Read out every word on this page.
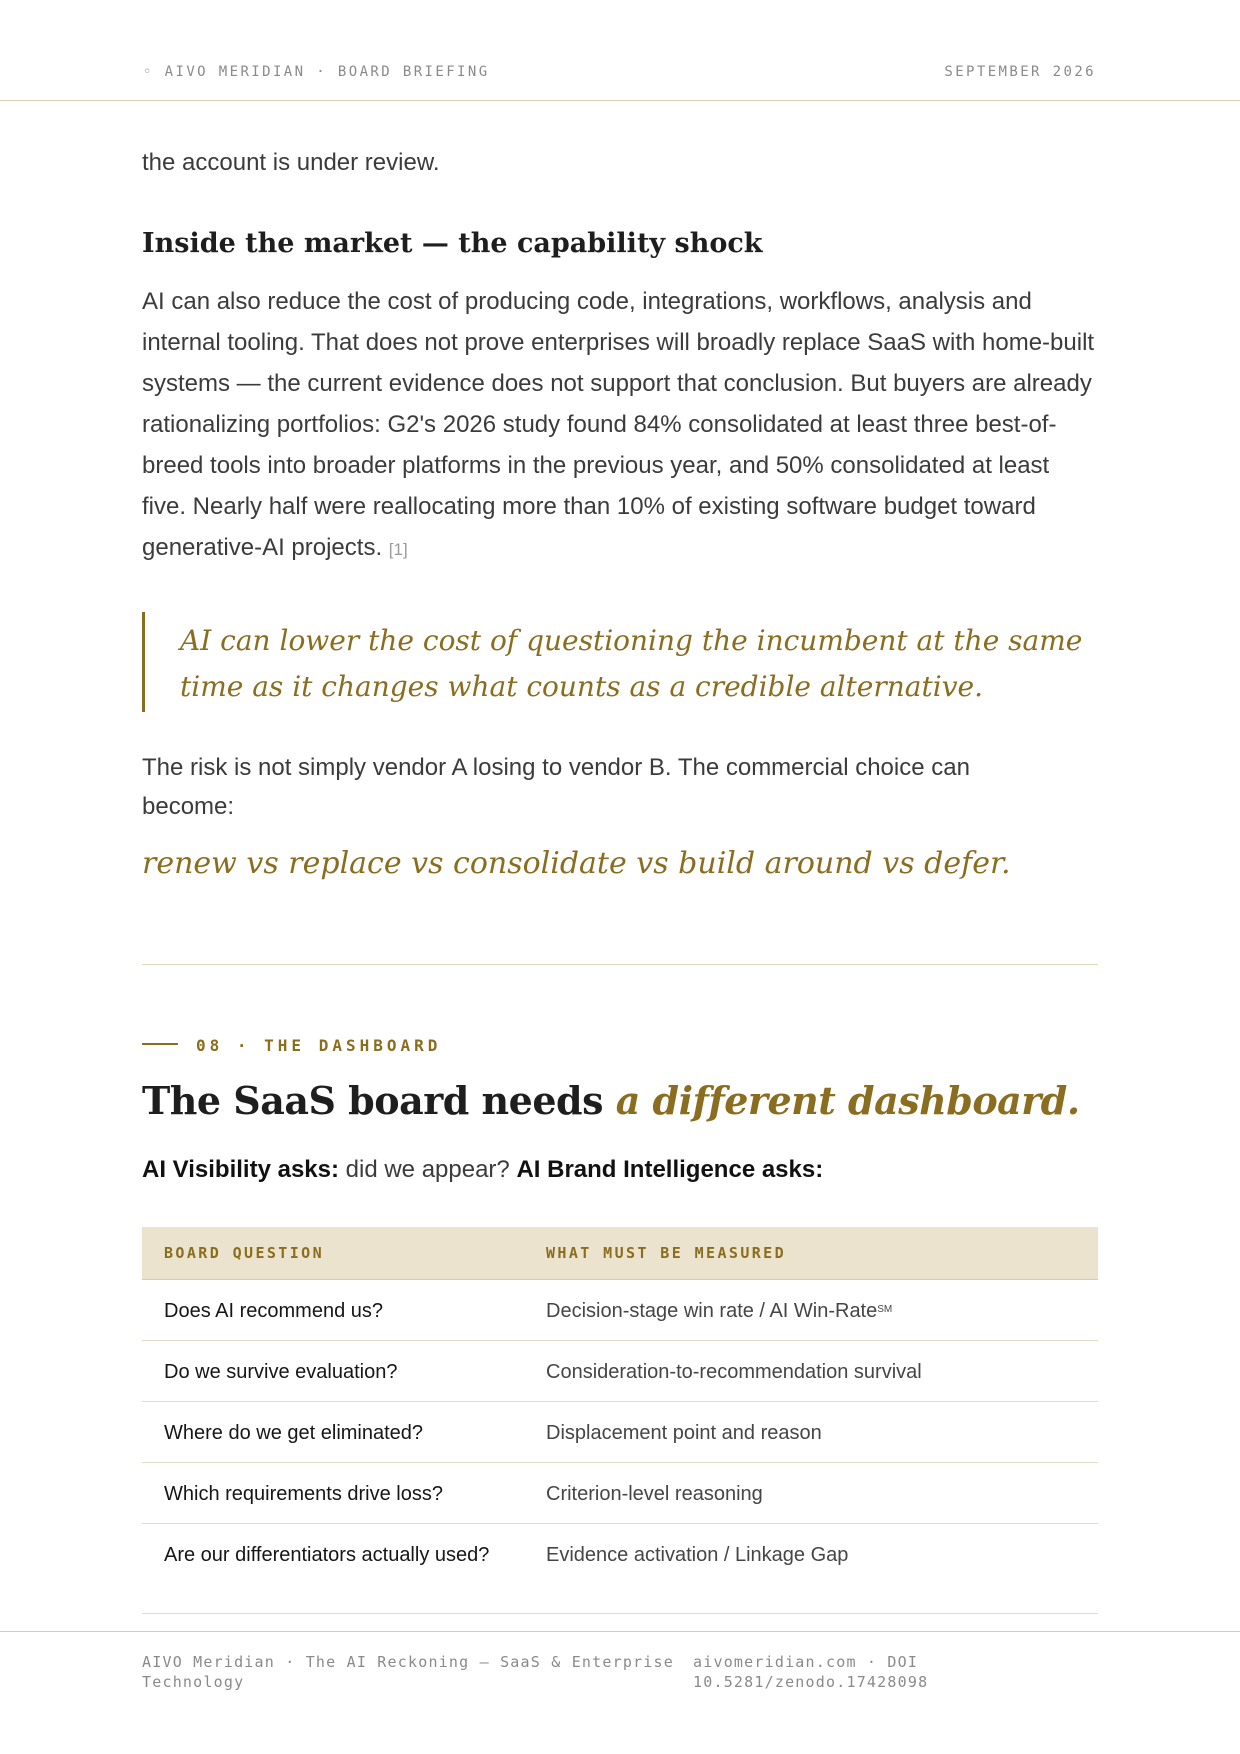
◦ AIVO MERIDIAN · BOARD BRIEFING	SEPTEMBER 2026

the account is under review.

Inside the market — the capability shock

AI can also reduce the cost of producing code, integrations, workflows, analysis and internal tooling. That does not prove enterprises will broadly replace SaaS with home-built systems — the current evidence does not support that conclusion. But buyers are already rationalizing portfolios: G2's 2026 study found 84% consolidated at least three best-of-breed tools into broader platforms in the previous year, and 50% consolidated at least five. Nearly half were reallocating more than 10% of existing software budget toward generative-AI projects. [1]

AI can lower the cost of questioning the incumbent at the same time as it changes what counts as a credible alternative.

The risk is not simply vendor A losing to vendor B. The commercial choice can become:

renew vs replace vs consolidate vs build around vs defer.
08 · THE DASHBOARD
The SaaS board needs a different dashboard.
AI Visibility asks: did we appear? AI Brand Intelligence asks:
BOARD QUESTION	WHAT MUST BE MEASURED
Does AI recommend us?	Decision-stage win rate / AI Win-Rate℠
Do we survive evaluation?	Consideration-to-recommendation survival
Where do we get eliminated?	Displacement point and reason
Which requirements drive loss?	Criterion-level reasoning
Are our differentiators actually used?	Evidence activation / Linkage Gap
AIVO Meridian · The AI Reckoning — SaaS & Enterprise Technology
aivomeridian.com · DOI 10.5281/zenodo.17428098
